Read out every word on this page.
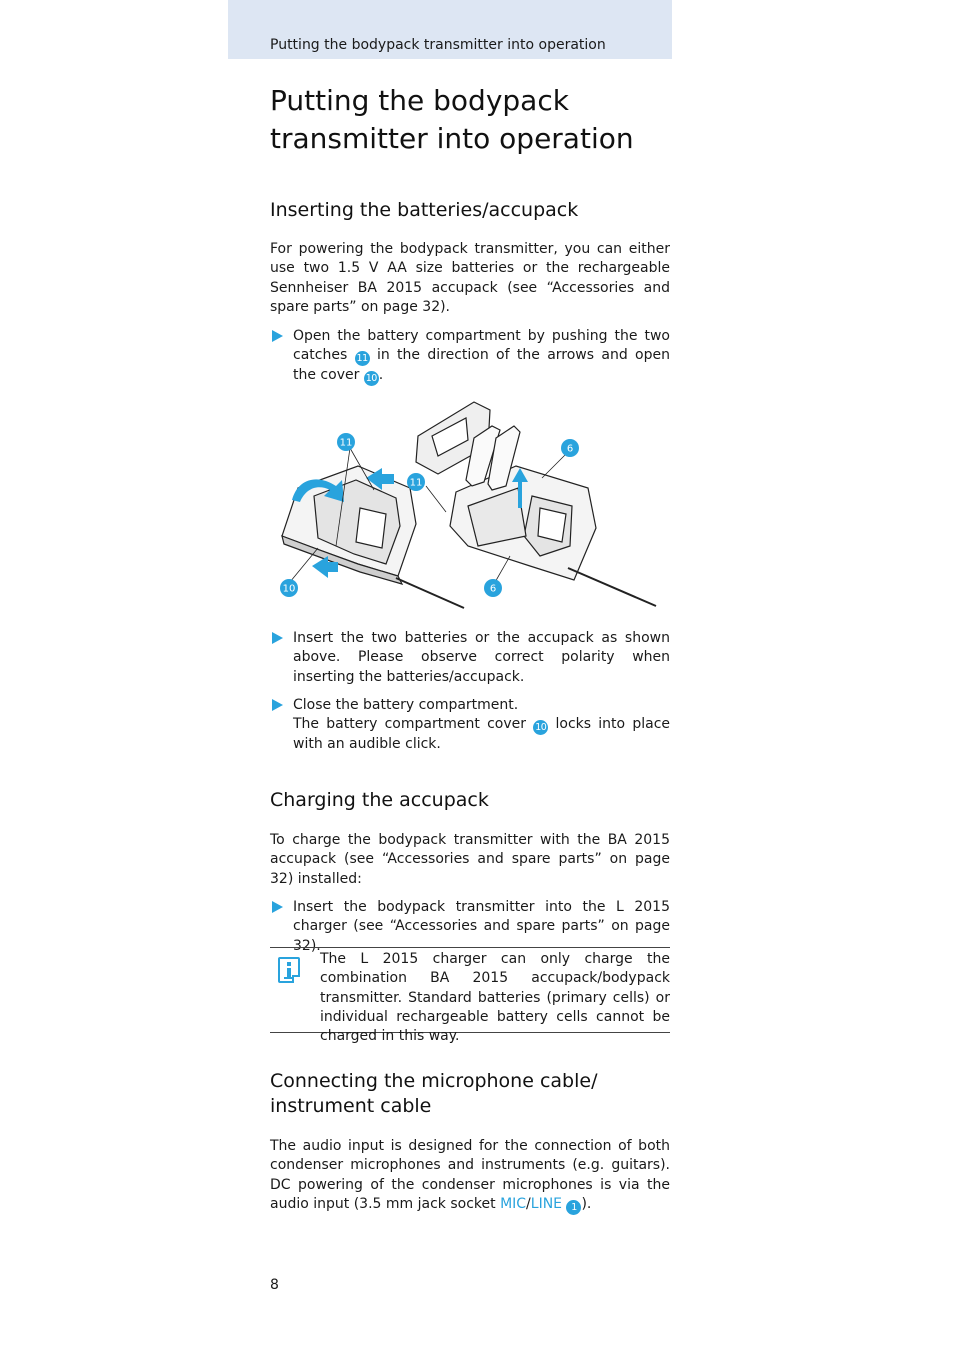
Putting the bodypack transmitter into operation
Putting the bodypack transmitter into operation
Inserting the batteries/accupack

For powering the bodypack transmitter, you can either use two 1.5 V AA size batteries or the rechargeable Sennheiser BA 2015 accupack (see “Accessories and spare parts” on page 32).

Open the battery compartment by pushing the two catches 11 in the direction of the arrows and open the cover 10 .
11
11
10
6
6
Insert the two batteries or the accupack as shown above. Please observe correct polarity when inserting the batteries/accupack.
Close the battery compartment.
The battery compartment cover 10 locks into place with an audible click.
Charging the accupack

To charge the bodypack transmitter with the BA 2015 accupack (see “Accessories and spare parts” on page 32) installed:

Insert the bodypack transmitter into the L 2015 charger (see “Accessories and spare parts” on page 32).
The L 2015 charger can only charge the combination BA 2015 accupack/bodypack transmitter. Standard batteries (primary cells) or individual rechargeable battery cells cannot be charged in this way.
Connecting the microphone cable/ instrument cable

The audio input is designed for the connection of both condenser microphones and instruments (e.g. guitars). DC powering of the condenser microphones is via the audio input (3.5 mm jack socket MIC/LINE 1 ).

8
